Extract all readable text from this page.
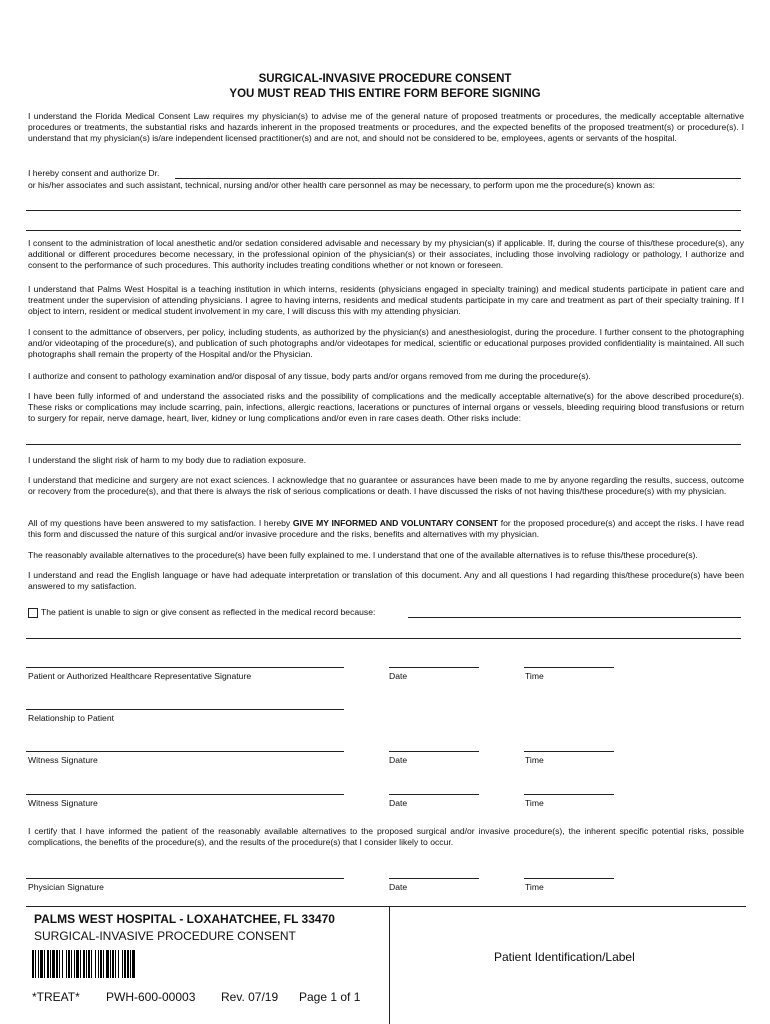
SURGICAL-INVASIVE PROCEDURE CONSENT
YOU MUST READ THIS ENTIRE FORM BEFORE SIGNING
I understand the Florida Medical Consent Law requires my physician(s) to advise me of the general nature of proposed treatments or procedures, the medically acceptable alternative procedures or treatments, the substantial risks and hazards inherent in the proposed treatments or procedures, and the expected benefits of the proposed treatment(s) or procedure(s). I understand that my physician(s) is/are independent licensed practitioner(s) and are not, and should not be considered to be, employees, agents or servants of the hospital.
I hereby consent and authorize Dr.
or his/her associates and such assistant, technical, nursing and/or other health care personnel as may be necessary, to perform upon me the procedure(s) known as:
I consent to the administration of local anesthetic and/or sedation considered advisable and necessary by my physician(s) if applicable. If, during the course of this/these procedure(s), any additional or different procedures become necessary, in the professional opinion of the physician(s) or their associates, including those involving radiology or pathology, I authorize and consent to the performance of such procedures. This authority includes treating conditions whether or not known or foreseen.
I understand that Palms West Hospital is a teaching institution in which interns, residents (physicians engaged in specialty training) and medical students participate in patient care and treatment under the supervision of attending physicians. I agree to having interns, residents and medical students participate in my care and treatment as part of their specialty training. If I object to intern, resident or medical student involvement in my care, I will discuss this with my attending physician.
I consent to the admittance of observers, per policy, including students, as authorized by the physician(s) and anesthesiologist, during the procedure. I further consent to the photographing and/or videotaping of the procedure(s), and publication of such photographs and/or videotapes for medical, scientific or educational purposes provided confidentiality is maintained. All such photographs shall remain the property of the Hospital and/or the Physician.
I authorize and consent to pathology examination and/or disposal of any tissue, body parts and/or organs removed from me during the procedure(s).
I have been fully informed of and understand the associated risks and the possibility of complications and the medically acceptable alternative(s) for the above described procedure(s). These risks or complications may include scarring, pain, infections, allergic reactions, lacerations or punctures of internal organs or vessels, bleeding requiring blood transfusions or return to surgery for repair, nerve damage, heart, liver, kidney or lung complications and/or even in rare cases death. Other risks include:
I understand the slight risk of harm to my body due to radiation exposure.
I understand that medicine and surgery are not exact sciences. I acknowledge that no guarantee or assurances have been made to me by anyone regarding the results, success, outcome or recovery from the procedure(s), and that there is always the risk of serious complications or death. I have discussed the risks of not having this/these procedure(s) with my physician.
All of my questions have been answered to my satisfaction. I hereby GIVE MY INFORMED AND VOLUNTARY CONSENT for the proposed procedure(s) and accept the risks. I have read this form and discussed the nature of this surgical and/or invasive procedure and the risks, benefits and alternatives with my physician.
The reasonably available alternatives to the procedure(s) have been fully explained to me. I understand that one of the available alternatives is to refuse this/these procedure(s).
I understand and read the English language or have had adequate interpretation or translation of this document. Any and all questions I had regarding this/these procedure(s) have been answered to my satisfaction.
The patient is unable to sign or give consent as reflected in the medical record because:
Patient or Authorized Healthcare Representative Signature	Date	Time
Relationship to Patient
Witness Signature	Date	Time
Witness Signature	Date	Time
I certify that I have informed the patient of the reasonably available alternatives to the proposed surgical and/or invasive procedure(s), the inherent specific potential risks, possible complications, the benefits of the procedure(s), and the results of the procedure(s) that I consider likely to occur.
Physician Signature	Date	Time
PALMS WEST HOSPITAL - LOXAHATCHEE, FL 33470
SURGICAL-INVASIVE PROCEDURE CONSENT
*TREAT* PWH-600-00003 Rev. 07/19 Page 1 of 1
Patient Identification/Label
